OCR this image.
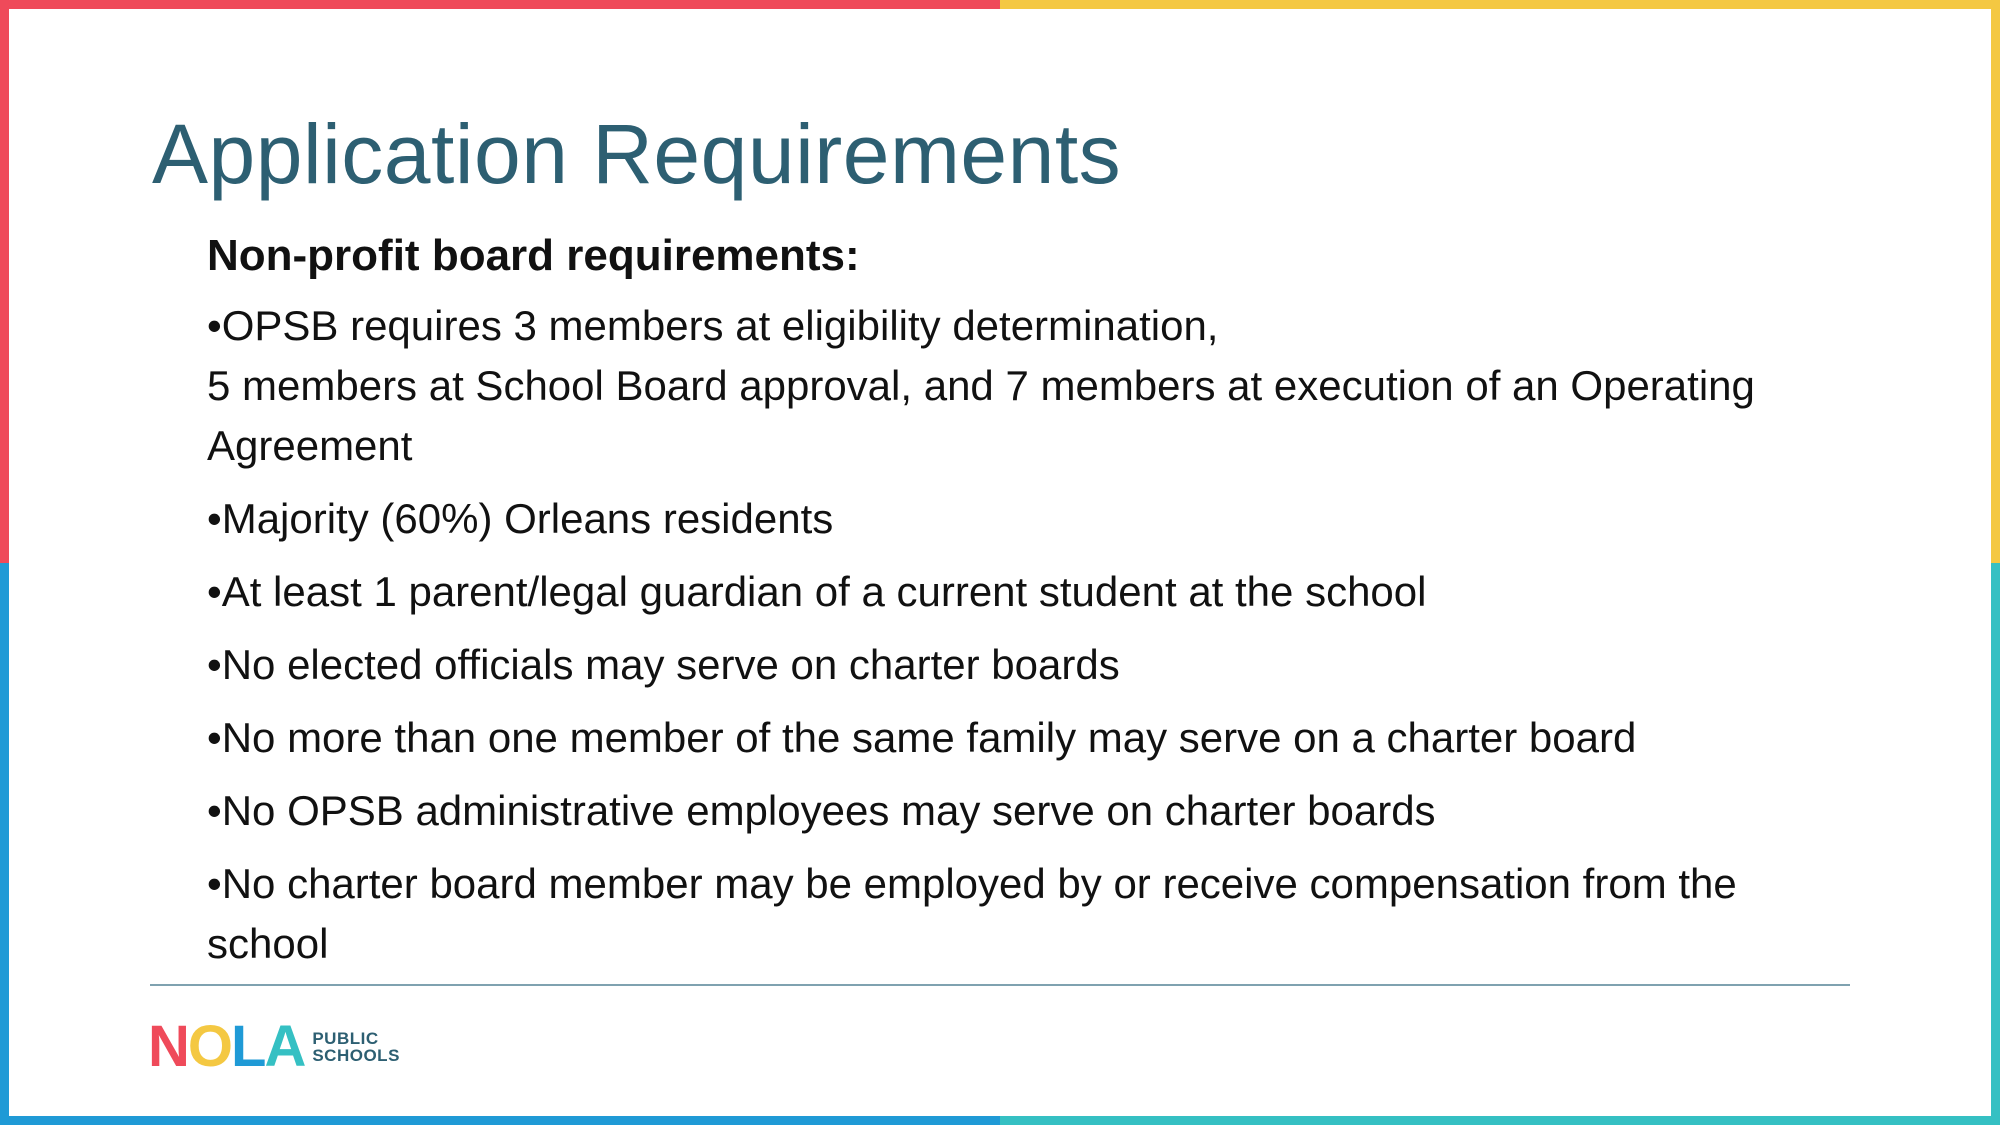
Application Requirements
Non-profit board requirements:
•OPSB requires 3 members at eligibility determination,
5 members at School Board approval, and 7 members at execution of an Operating Agreement
•Majority (60%) Orleans residents
•At least 1 parent/legal guardian of a current student at the school
•No elected officials may serve on charter boards
•No more than one member of the same family may serve on a charter board
•No OPSB administrative employees may serve on charter boards
•No charter board member may be employed by or receive compensation from the school
N O L A PUBLIC
SCHOOLS
